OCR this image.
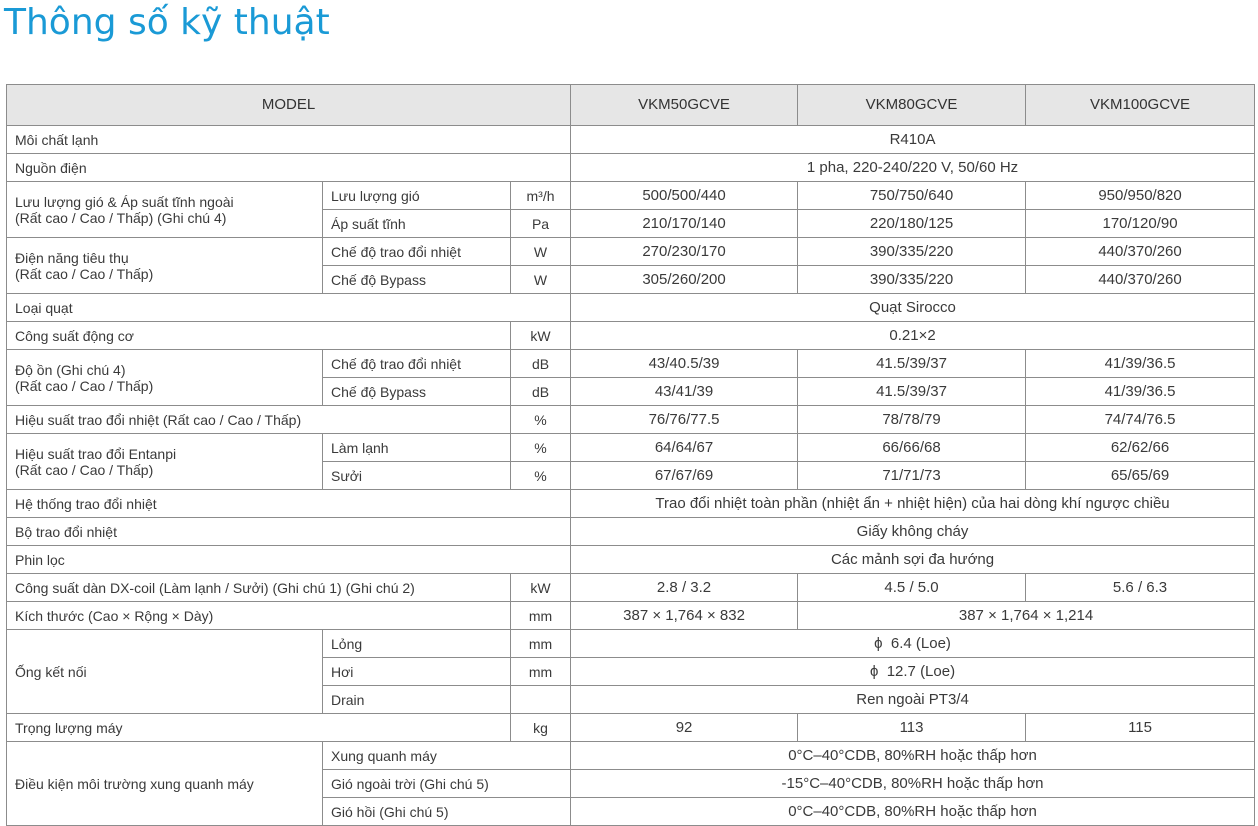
Thông số kỹ thuật
MODEL			VKM50GCVE	VKM80GCVE	VKM100GCVE
Môi chất lạnh			R410A		
Nguồn điện			1 pha, 220-240/220 V, 50/60 Hz		

Lưu lượng gió & Áp suất tĩnh ngoài
(Rất cao / Cao / Thấp) (Ghi chú 4)	Lưu lượng gió	m³/h	500/500/440	750/750/640	950/950/820
	Áp suất tĩnh	Pa	210/170/140	220/180/125	170/120/90

Điện năng tiêu thụ
(Rất cao / Cao / Thấp)	Chế độ trao đổi nhiệt	W	270/230/170	390/335/220	440/370/260
	Chế độ Bypass	W	305/260/200	390/335/220	440/370/260
Loại quạt			Quạt Sirocco		
Công suất động cơ		kW	0.21×2		

Độ ồn (Ghi chú 4)
(Rất cao / Cao / Thấp)	Chế độ trao đổi nhiệt	dB	43/40.5/39	41.5/39/37	41/39/36.5
	Chế độ Bypass	dB	43/41/39	41.5/39/37	41/39/36.5
Hiệu suất trao đổi nhiệt (Rất cao / Cao / Thấp)		%	76/76/77.5	78/78/79	74/74/76.5

Hiệu suất trao đổi Entanpi
(Rất cao / Cao / Thấp)	Làm lạnh	%	64/64/67	66/66/68	62/62/66
	Sưởi	%	67/67/69	71/71/73	65/65/69
Hệ thống trao đổi nhiệt			Trao đổi nhiệt toàn phần (nhiệt ẩn + nhiệt hiện) của hai dòng khí ngược chiều		
Bộ trao đổi nhiệt			Giấy không cháy		
Phin lọc			Các mảnh sợi đa hướng		
Công suất dàn DX-coil (Làm lạnh / Sưởi) (Ghi chú 1) (Ghi chú 2)		kW	2.8 / 3.2	4.5 / 5.0	5.6 / 6.3
Kích thước (Cao × Rộng × Dày)		mm	387 × 1,764 × 832	387 × 1,764 × 1,214	
Ống kết nối	Lỏng	mm	ϕ 6.4 (Loe)		
	Hơi	mm	ϕ 12.7 (Loe)		
	Drain		Ren ngoài PT3/4		
Trọng lượng máy		kg	92	113	115
Điều kiện môi trường xung quanh máy	Xung quanh máy		0°C–40°CDB, 80%RH hoặc thấp hơn		
	Gió ngoài trời (Ghi chú 5)		-15°C–40°CDB, 80%RH hoặc thấp hơn		
	Gió hồi (Ghi chú 5)		0°C–40°CDB, 80%RH hoặc thấp hơn		
